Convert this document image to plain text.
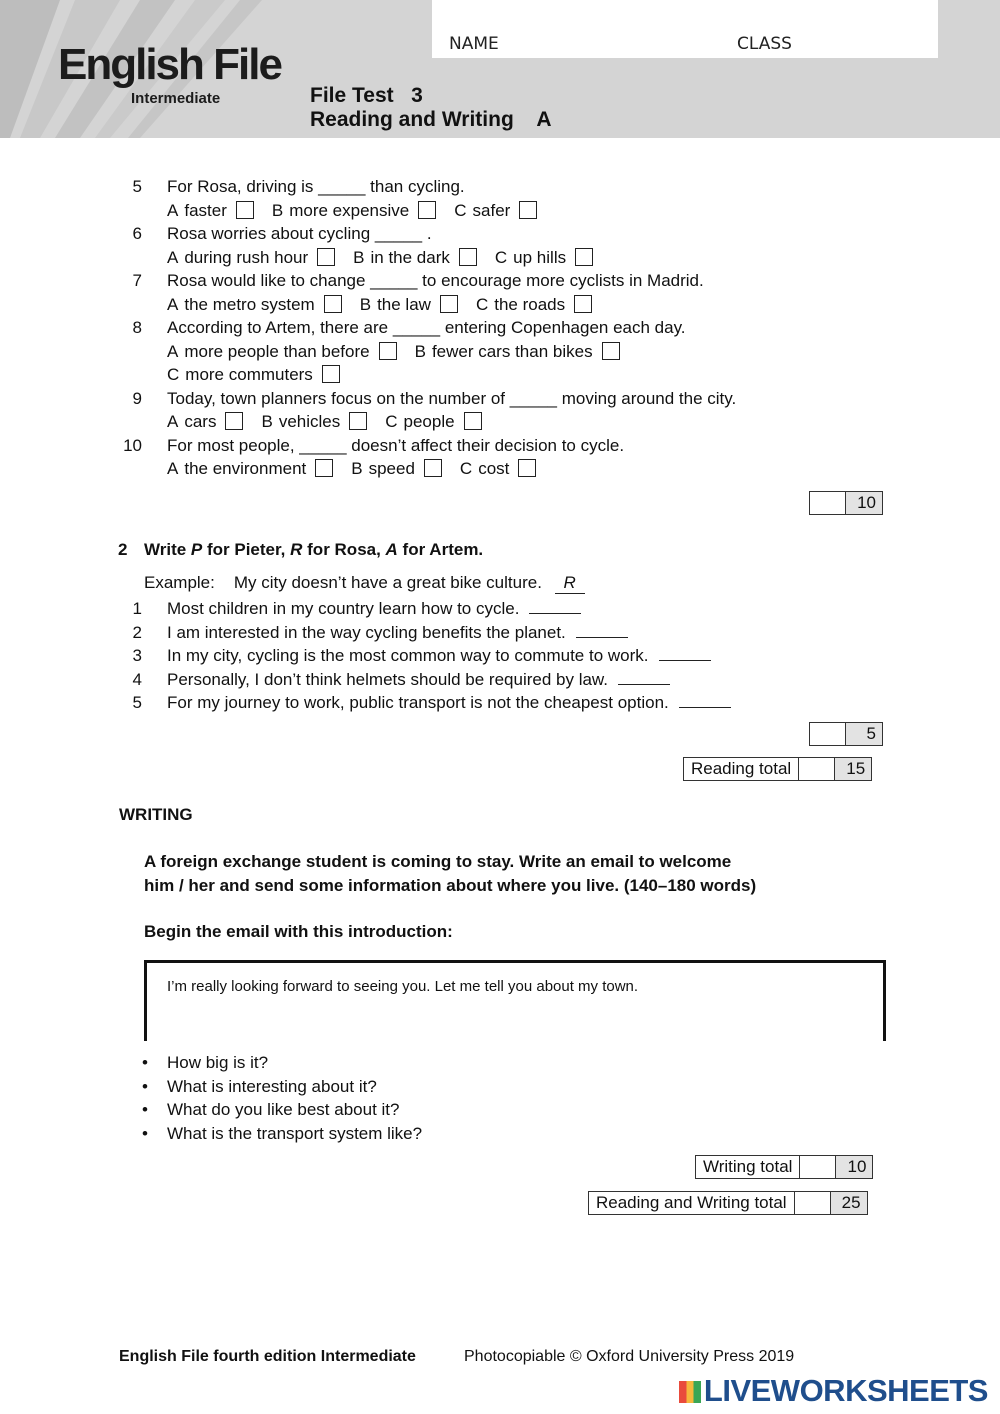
NAME	CLASS
English File
Intermediate	File Test   3
Reading and Writing    A
5 For Rosa, driving is _____ than cycling.
A faster	B more expensive	C safer
6 Rosa worries about cycling _____ .
A during rush hour	B in the dark	C up hills
7 Rosa would like to change _____ to encourage more cyclists in Madrid.
A the metro system	B the law	C the roads
8 According to Artem, there are _____ entering Copenhagen each day.
A more people than before	B fewer cars than bikes
C more commuters
9 Today, town planners focus on the number of _____ moving around the city.
A cars	B vehicles	C people
10 For most people, _____ doesn’t affect their decision to cycle.
A the environment	B speed	C cost
	10
2 Write P for Pieter, R for Rosa, A for Artem.
Example: My city doesn’t have a great bike culture. R
1 Most children in my country learn how to cycle.
2 I am interested in the way cycling benefits the planet.
3 In my city, cycling is the most common way to commute to work.
4 Personally, I don’t think helmets should be required by law.
5 For my journey to work, public transport is not the cheapest option.
	5
Reading total		15
WRITING
A foreign exchange student is coming to stay. Write an email to welcome
him / her and send some information about where you live. (140–180 words)
Begin the email with this introduction:
I’m really looking forward to seeing you. Let me tell you about my town.
• How big is it?
• What is interesting about it?
• What do you like best about it?
• What is the transport system like?
Writing total		10
Reading and Writing total		25
English File fourth edition Intermediate	Photocopiable © Oxford University Press 2019
LIVEWORKSHEETS
